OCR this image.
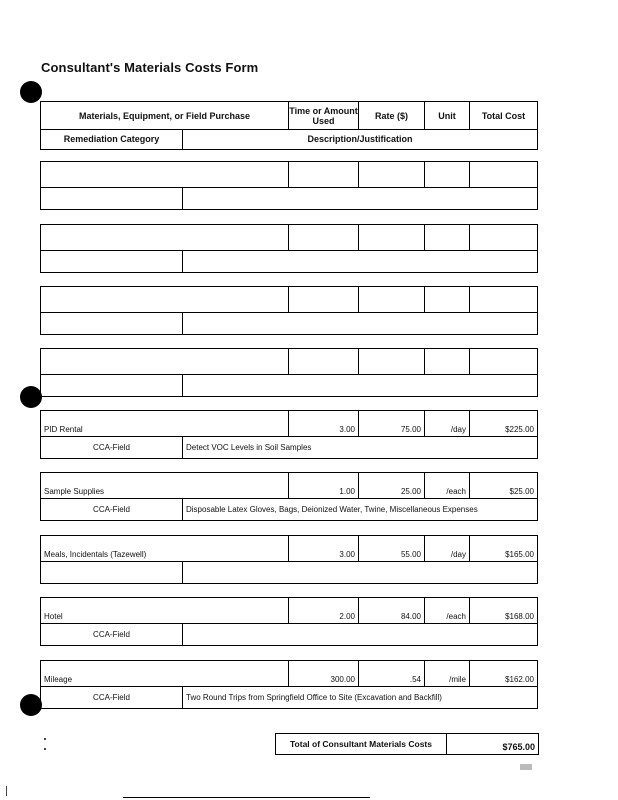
Consultant's Materials Costs Form
Materials, Equipment, or Field Purchase	Time or Amount Used	Rate ($)	Unit	Total Cost
Remediation Category	Description/Justification
PID Rental	3.00	75.00	/day	$225.00
CCA-Field	Detect VOC Levels in Soil Samples
Sample Supplies	1.00	25.00	/each	$25.00
CCA-Field	Disposable Latex Gloves, Bags, Deionized Water, Twine, Miscellaneous Expenses
Meals, Incidentals (Tazewell)	3.00	55.00	/day	$165.00
Hotel	2.00	84.00	/each	$168.00
CCA-Field
Mileage	300.00	.54	/mile	$162.00
CCA-Field	Two Round Trips from Springfield Office to Site (Excavation and Backfill)
Total of Consultant Materials Costs	$765.00
